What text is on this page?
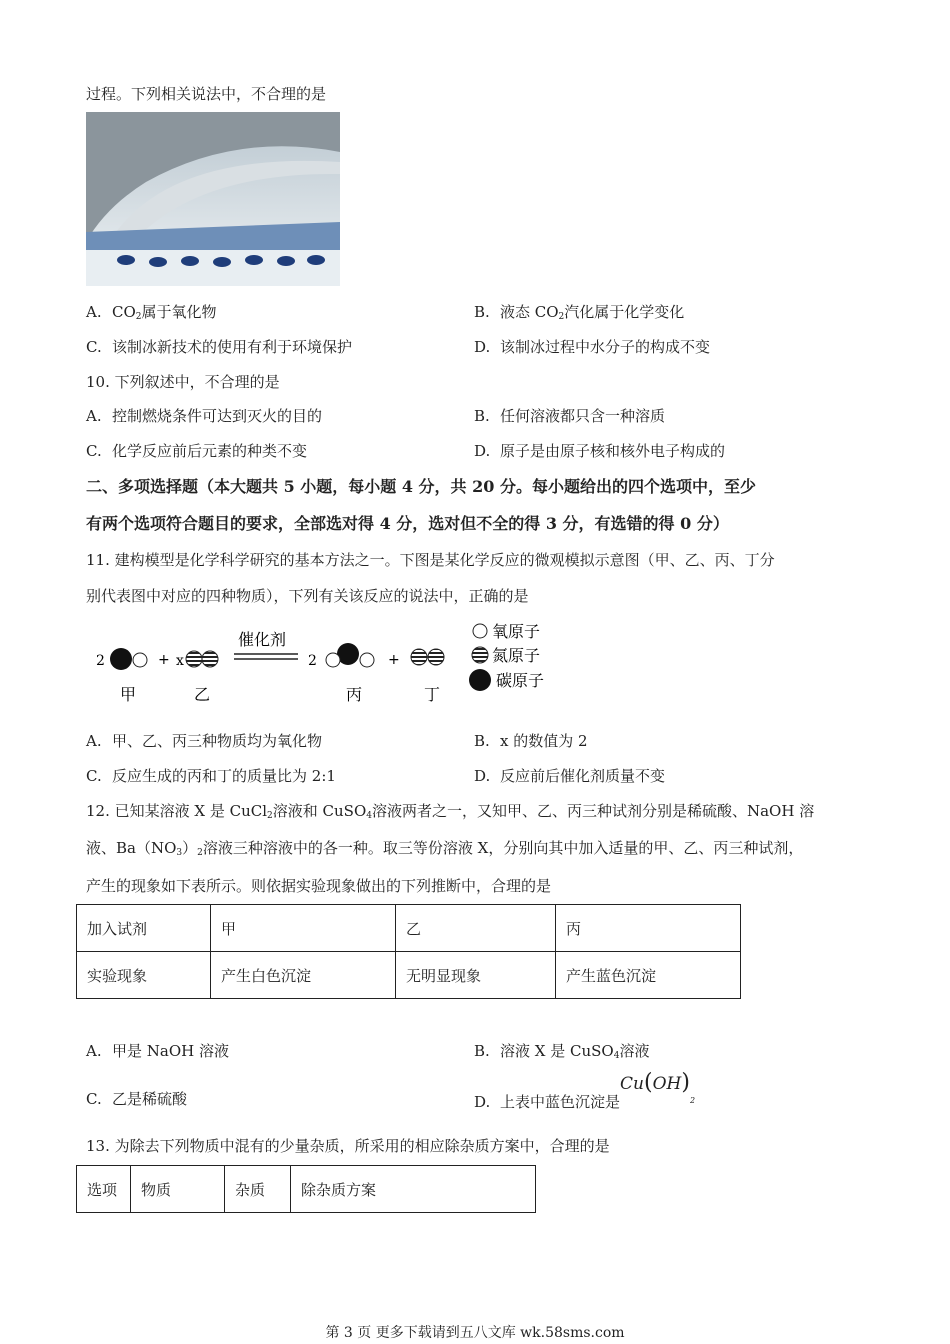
过程。下列相关说法中，不合理的是
A. $CO_2$属于氧化物	B. 液态 $CO_2$汽化属于化学变化
C. 该制冰新技术的使用有利于环境保护	D. 该制冰过程中水分子的构成不变
10. 下列叙述中，不合理的是
A. 控制燃烧条件可达到灭火的目的	B. 任何溶液都只含一种溶质
C. 化学反应前后元素的种类不变	D. 原子是由原子核和核外电子构成的
二、多项选择题（本大题共 5 小题，每小题 4 分，共 20 分。每小题给出的四个选项中，至少
有两个选项符合题目的要求，全部选对得 4 分，选对但不全的得 3 分，有选错的得 0 分）
11. 建构模型是化学科学研究的基本方法之一。下图是某化学反应的微观模拟示意图（甲、乙、丙、丁分
别代表图中对应的四种物质），下列有关该反应的说法中，正确的是
2	+ x
催化剂
2	+
甲	乙	丙	丁
氧原子
氮原子
碳原子
A. 甲、乙、丙三种物质均为氧化物	B. x 的数值为 2
C. 反应生成的丙和丁的质量比为 2:1	D. 反应前后催化剂质量不变
12. 已知某溶液 X 是 CuCl$_2$溶液和 CuSO$_4$溶液两者之一，又知甲、乙、丙三种试剂分别是稀硫酸、NaOH 溶
液、$Ba(NO_3)_2$溶液三种溶液中的各一种。取三等份溶液 X，分别向其中加入适量的甲、乙、丙三种试剂，
产生的现象如下表所示。则依据实验现象做出的下列推断中，合理的是
加入试剂	甲	乙	丙
实验现象	产生白色沉淀	无明显现象	产生蓝色沉淀
A. 甲是 NaOH 溶液	B. 溶液 X 是 CuSO$_4$溶液
C. 乙是稀硫酸	D. 上表中蓝色沉淀是$Cu(OH)_2$
13. 为除去下列物质中混有的少量杂质，所采用的相应除杂质方案中，合理的是
选项	物质	杂质	除杂质方案
第 3 页 更多下载请到五八文库 wk.58sms.com
